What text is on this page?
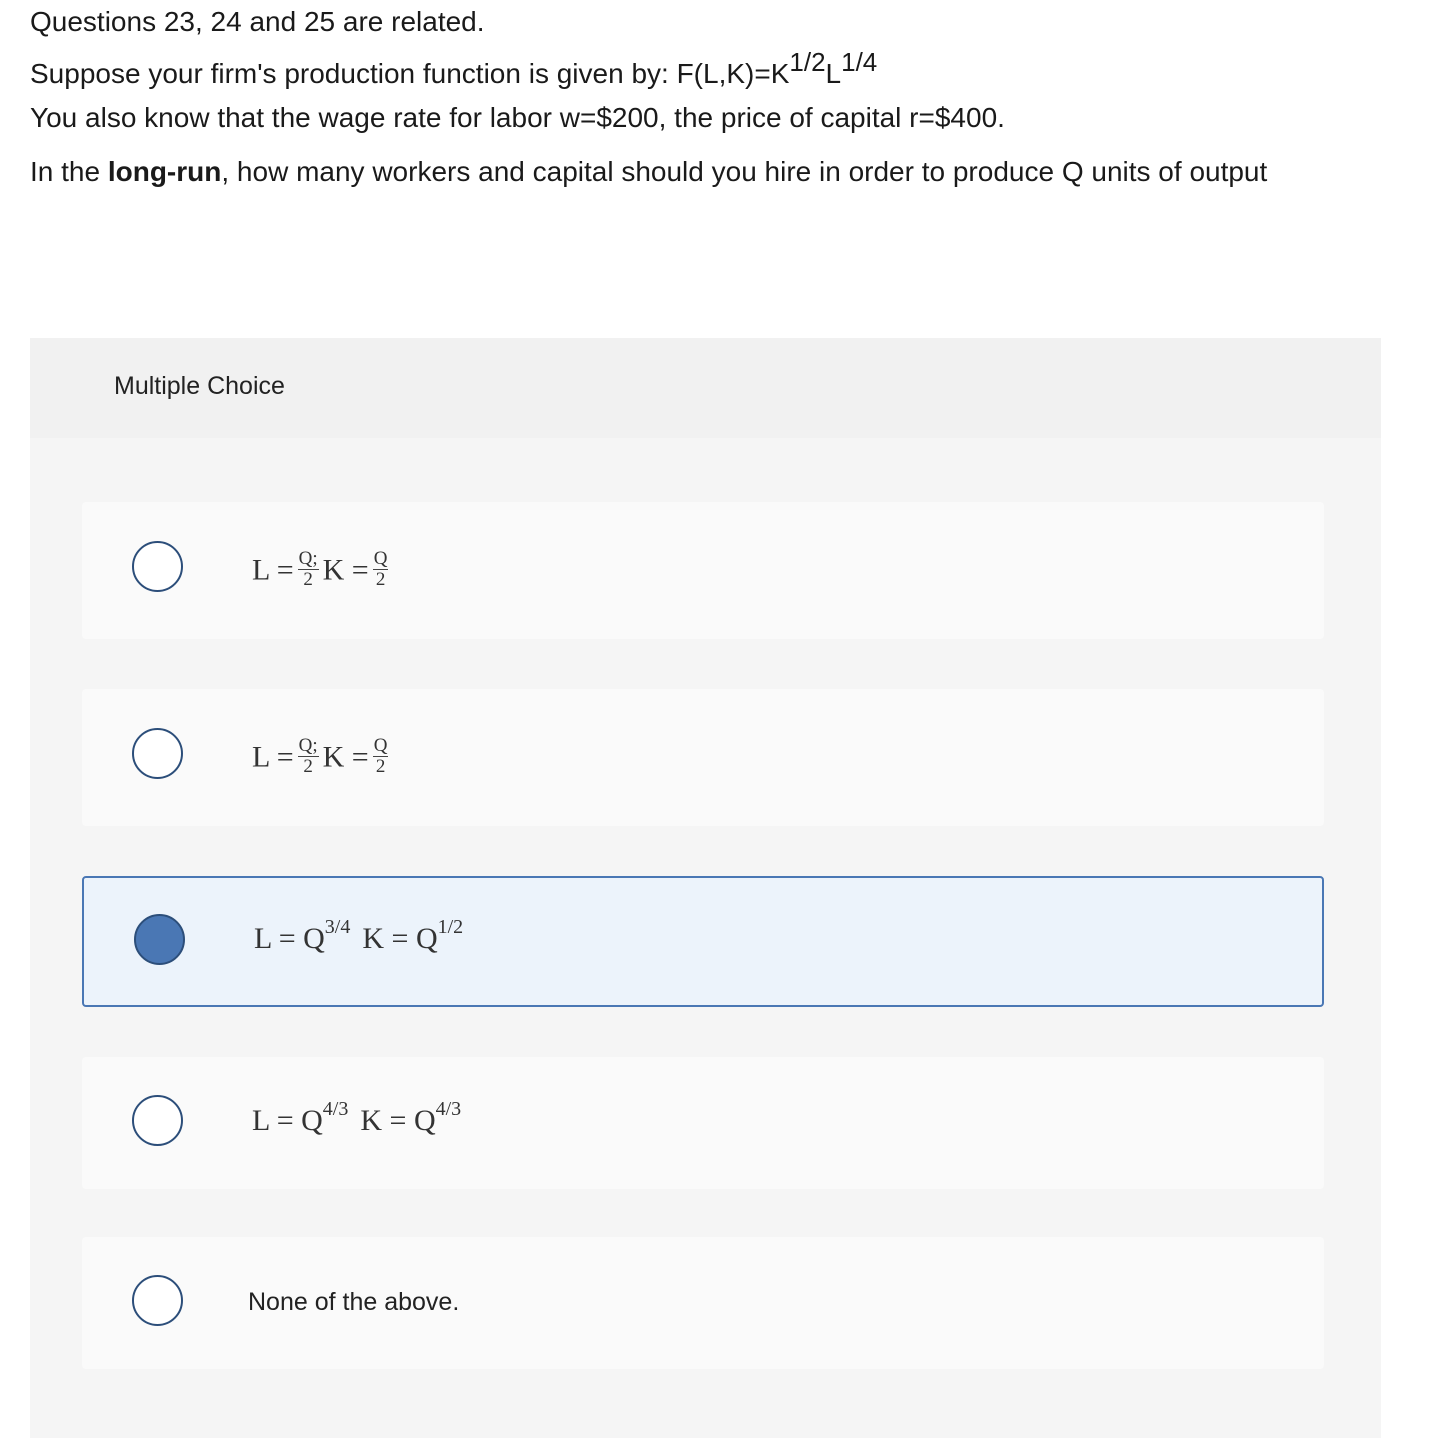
Questions 23, 24 and 25 are related.

Suppose your firm's production function is given by: F(L,K)=K1/2L1/4

You also know that the wage rate for labor w=$200, the price of capital r=$400.

In the long-run, how many workers and capital should you hire in order to produce Q units of output

Multiple Choice
$L = \frac{Q;}{2}$ $K = \frac{Q}{2}$
$L = \frac{Q;}{2}$ $K = \frac{Q}{2}$
$L = Q^{3/4}$ $K = Q^{1/2}$
$L = Q^{4/3}$ $K = Q^{4/3}$
None of the above.
